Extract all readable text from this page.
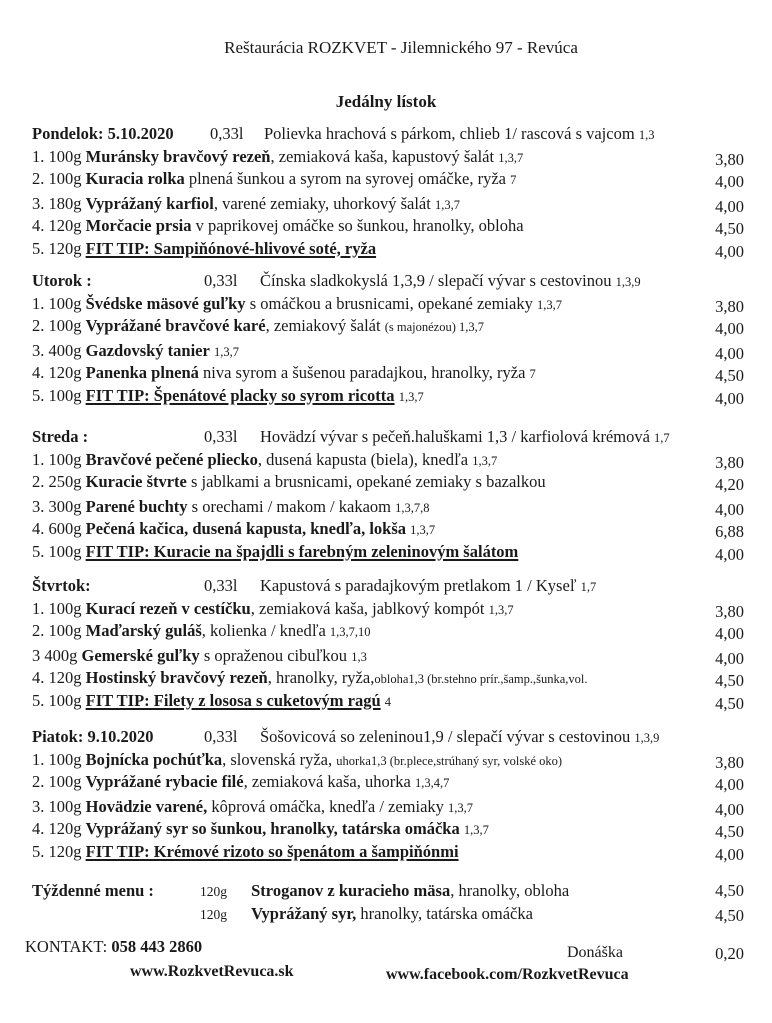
Reštaurácia ROZKVET - Jilemnického 97 - Revúca
Jedálny lístok
Pondelok: 5.10.2020 0,33l Polievka hrachová s párkom, chlieb 1/ rascová s vajcom 1,3
1. 100g Muránsky bravčový rezeň, zemiaková kaša, kapustový šalát 1,3,7	3,80
2. 100g Kuracia rolka plnená šunkou a syrom na syrovej omáčke, ryža 7	4,00
3. 180g Vyprážaný karfiol, varené zemiaky, uhorkový šalát 1,3,7	4,00
4. 120g Morčacie prsia v paprikovej omáčke so šunkou, hranolky, obloha	4,50
5. 120g FIT TIP: Sampiňónové-hlivové soté, ryža	4,00
Utorok :	0,33l Čínska sladkokyslá 1,3,9 / slepačí vývar s cestovinou 1,3,9
1. 100g Švédske mäsové guľky s omáčkou a brusnicami, opekané zemiaky 1,3,7	3,80
2. 100g Vyprážané bravčové karé, zemiakový šalát (s majonézou) 1,3,7	4,00
3. 400g Gazdovský tanier 1,3,7	4,00
4. 120g Panenka plnená niva syrom a šušenou paradajkou, hranolky, ryža 7	4,50
5. 100g FIT TIP: Špenátové placky so syrom ricotta 1,3,7	4,00
Streda :	0,33l Hovädzí vývar s pečeň.haluškami 1,3 / karfiolová krémová 1,7
1. 100g Bravčové pečené pliecko, dusená kapusta (biela), knedľa 1,3,7	3,80
2. 250g Kuracie štvrte s jablkami a brusnicami, opekané zemiaky s bazalkou	4,20
3. 300g Parené buchty s orechami / makom / kakaom 1,3,7,8	4,00
4. 600g Pečená kačica, dusená kapusta, knedľa, lokša 1,3,7	6,88
5. 100g FIT TIP: Kuracie na špajdli s farebným zeleninovým šalátom	4,00
Štvrtok:	0,33l Kapustová s paradajkovým pretlakom 1 / Kyseľ 1,7
1. 100g Kurací rezeň v cestíčku, zemiaková kaša, jablkový kompót 1,3,7	3,80
2. 100g Maďarský guláš, kolienka / knedľa 1,3,7,10	4,00
3 400g Gemerské guľky s opraženou cibuľkou 1,3	4,00
4. 120g Hostinský bravčový rezeň, hranolky, ryža,obloha1,3 (br.stehno prír.,šamp.,šunka,vol.	4,50
5. 100g FIT TIP: Filety z lososa s cuketovým ragú 4	4,50
Piatok: 9.10.2020	0,33l Šošovicová so zeleninou1,9 / slepačí vývar s cestovinou 1,3,9
1. 100g Bojnícka pochúťka, slovenská ryža, uhorka1,3 (br.plece,strúhaný syr, volské oko)	3,80
2. 100g Vyprážané rybacie filé, zemiaková kaša, uhorka 1,3,4,7	4,00
3. 100g Hovädzie varené, kôprová omáčka, knedľa / zemiaky 1,3,7	4,00
4. 120g Vyprážaný syr so šunkou, hranolky, tatárska omáčka 1,3,7	4,50
5. 120g FIT TIP: Krémové rizoto so špenátom a šampiňónmi	4,00
Týždenné menu :	120g Stroganov z kuracieho mäsa, hranolky, obloha	4,50
120g Vyprážaný syr, hranolky, tatárska omáčka	4,50
KONTAKT: 058 443 2860	Donáška	0,20
www.RozkvetRevuca.sk	www.facebook.com/RozkvetRevuca
